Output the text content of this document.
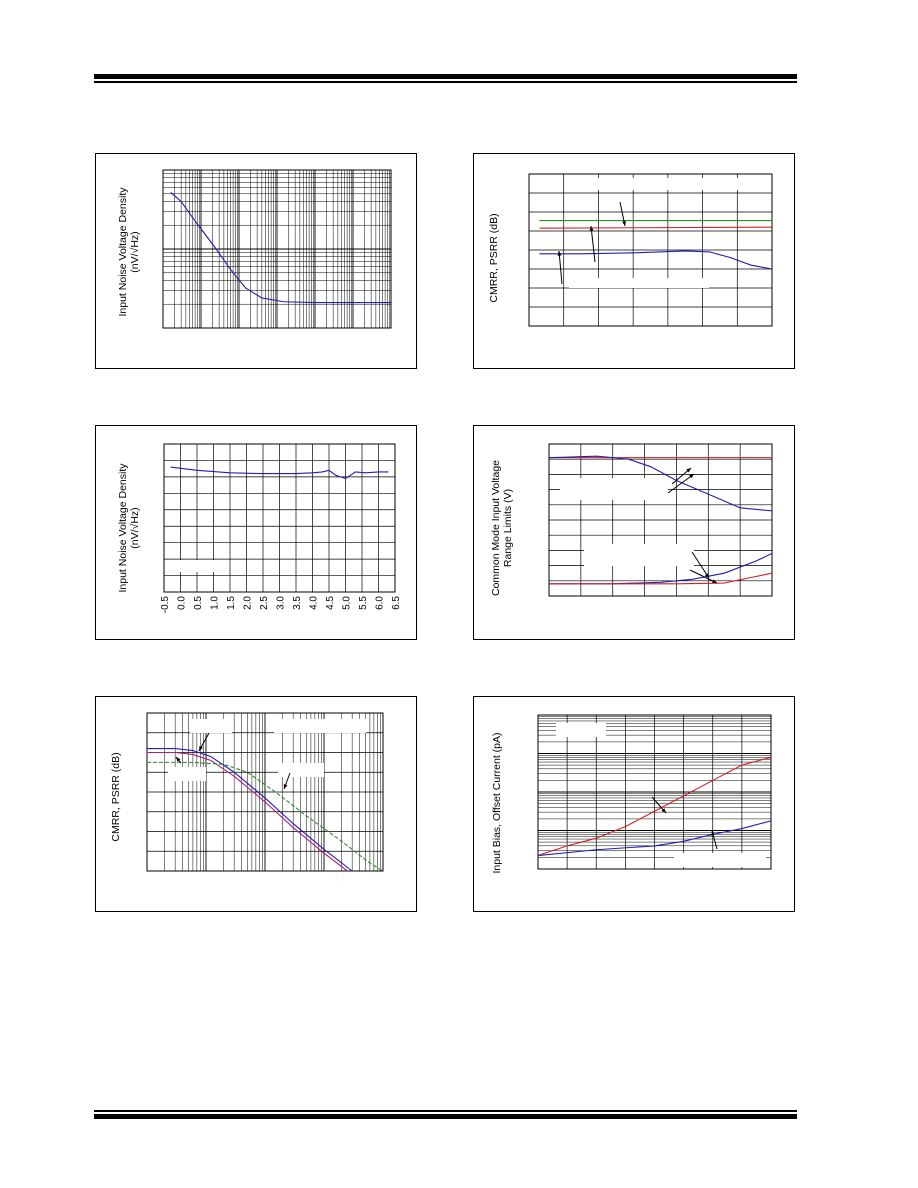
Input Noise Voltage Density (nV/√Hz)	CMRR, PSRR (dB)
Input Noise Voltage Density (nV/√Hz)
-0.5 0.0 0.5 1.0 1.5 2.0 2.5 3.0 3.5 4.0 4.5 5.0 5.5 6.0 6.5
Common Mode Input Voltage Range Limits (V)
CMRR, PSRR (dB)	Input Bias, Offset Current (pA)
